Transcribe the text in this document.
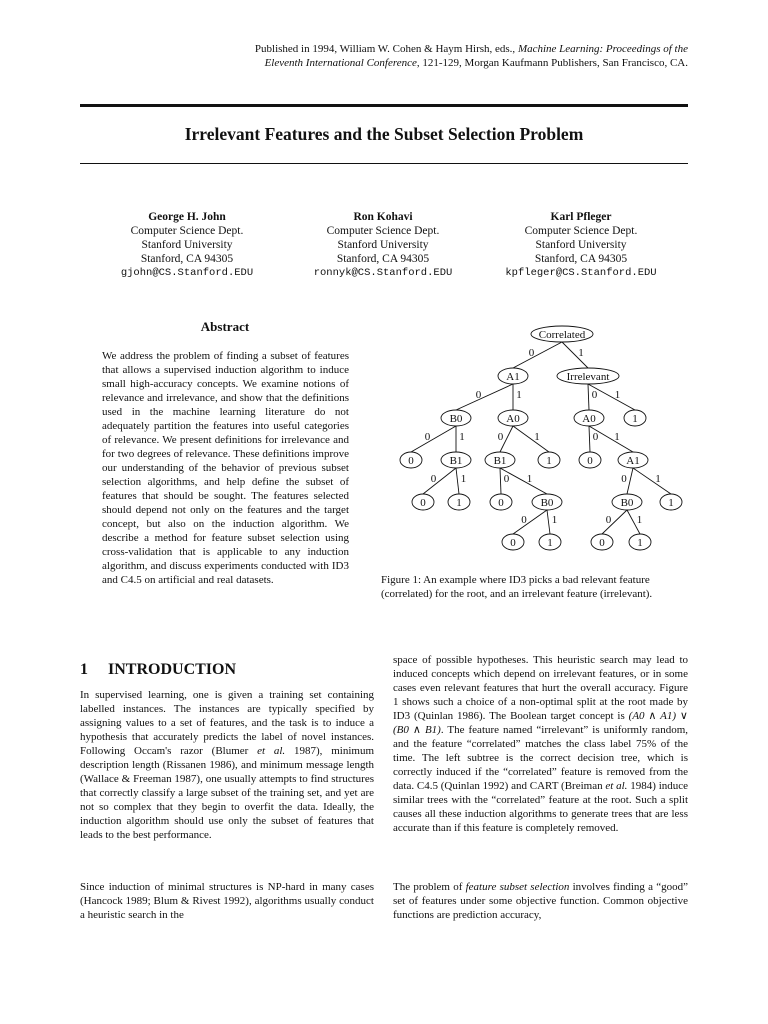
Published in 1994, William W. Cohen & Haym Hirsh, eds., Machine Learning: Proceedings of the
Eleventh International Conference, 121-129, Morgan Kaufmann Publishers, San Francisco, CA.
Irrelevant Features and the Subset Selection Problem
George H. John
Computer Science Dept.
Stanford University
Stanford, CA 94305
gjohn@CS.Stanford.EDU
Ron Kohavi
Computer Science Dept.
Stanford University
Stanford, CA 94305
ronnyk@CS.Stanford.EDU
Karl Pfleger
Computer Science Dept.
Stanford University
Stanford, CA 94305
kpfleger@CS.Stanford.EDU
Abstract

We address the problem of finding a subset of features that allows a supervised induction algorithm to induce small high-accuracy concepts. We examine notions of relevance and irrelevance, and show that the definitions used in the machine learning literature do not adequately partition the features into useful categories of relevance. We present definitions for irrelevance and for two degrees of relevance. These definitions improve our understanding of the behavior of previous subset selection algorithms, and help define the subset of features that should be sought. The features selected should depend not only on the features and the target concept, but also on the induction algorithm. We describe a method for feature subset selection using cross-validation that is applicable to any induction algorithm, and discuss experiments conducted with ID3 and C4.5 on artificial and real datasets.

0	1
0	1	0 1
0	1	0	1	0 1
0 1	0 1	0	1
0 1	0 1
Correlated
A1	Irrelevant
B0	A0	A0	1
0	B1	B1	1	0	A1
0	1	0	B0	B0	1
0	1	0	1

Figure 1: An example where ID3 picks a bad relevant feature (correlated) for the root, and an irrelevant feature (irrelevant).

1 INTRODUCTION

In supervised learning, one is given a training set containing labelled instances. The instances are typically specified by assigning values to a set of features, and the task is to induce a hypothesis that accurately predicts the label of novel instances. Following Occam's razor (Blumer et al. 1987), minimum description length (Rissanen 1986), and minimum message length (Wallace & Freeman 1987), one usually attempts to find structures that correctly classify a large subset of the training set, and yet are not so complex that they begin to overfit the data. Ideally, the induction algorithm should use only the subset of features that leads to the best performance.

Since induction of minimal structures is NP-hard in many cases (Hancock 1989; Blum & Rivest 1992), algorithms usually conduct a heuristic search in the

space of possible hypotheses. This heuristic search may lead to induced concepts which depend on irrelevant features, or in some cases even relevant features that hurt the overall accuracy. Figure 1 shows such a choice of a non-optimal split at the root made by ID3 (Quinlan 1986). The Boolean target concept is (A0 ∧ A1) ∨ (B0 ∧ B1). The feature named “irrelevant” is uniformly random, and the feature “correlated” matches the class label 75% of the time. The left subtree is the correct decision tree, which is correctly induced if the “correlated” feature is removed from the data. C4.5 (Quinlan 1992) and CART (Breiman et al. 1984) induce similar trees with the “correlated” feature at the root. Such a split causes all these induction algorithms to generate trees that are less accurate than if this feature is completely removed.

The problem of feature subset selection involves finding a “good” set of features under some objective function. Common objective functions are prediction accuracy,
